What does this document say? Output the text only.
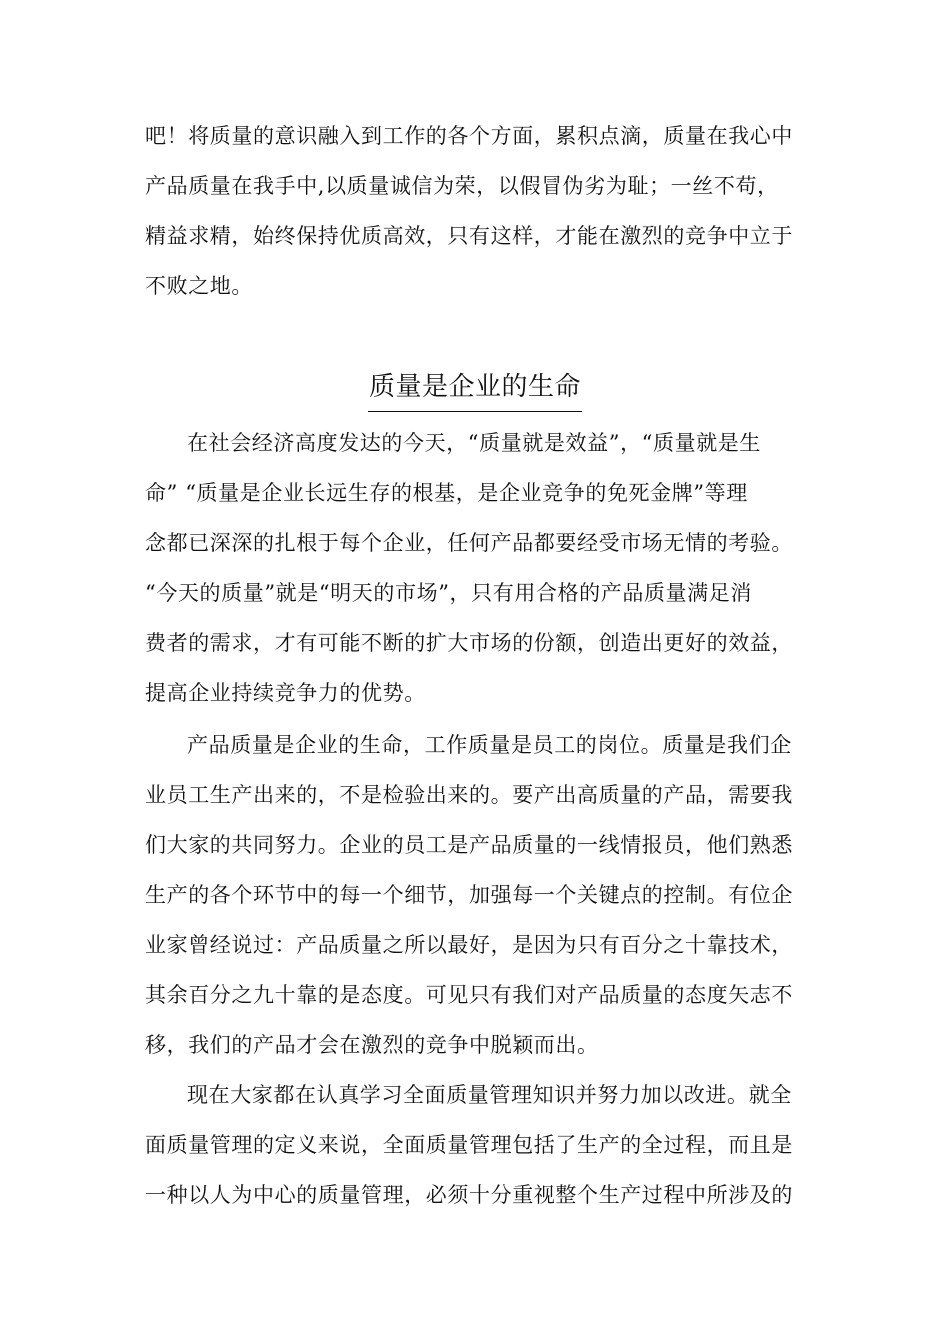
吧！将质量的意识融入到工作的各个方面，累积点滴，质量在我心中
产品质量在我手中,以质量诚信为荣，以假冒伪劣为耻；一丝不苟，
精益求精，始终保持优质高效，只有这样，才能在激烈的竞争中立于
不败之地。
质量是企业的生命
在社会经济高度发达的今天，“质量就是效益”，“质量就是生
命” “质量是企业长远生存的根基，是企业竞争的免死金牌”等理
念都已深深的扎根于每个企业，任何产品都要经受市场无情的考验。
“今天的质量”就是“明天的市场”，只有用合格的产品质量满足消
费者的需求，才有可能不断的扩大市场的份额，创造出更好的效益，
提高企业持续竞争力的优势。
产品质量是企业的生命，工作质量是员工的岗位。质量是我们企
业员工生产出来的，不是检验出来的。要产出高质量的产品，需要我
们大家的共同努力。企业的员工是产品质量的一线情报员，他们熟悉
生产的各个环节中的每一个细节，加强每一个关键点的控制。有位企
业家曾经说过：产品质量之所以最好，是因为只有百分之十靠技术，
其余百分之九十靠的是态度。可见只有我们对产品质量的态度矢志不
移，我们的产品才会在激烈的竞争中脱颖而出。
现在大家都在认真学习全面质量管理知识并努力加以改进。就全
面质量管理的定义来说，全面质量管理包括了生产的全过程，而且是
一种以人为中心的质量管理，必须十分重视整个生产过程中所涉及的
